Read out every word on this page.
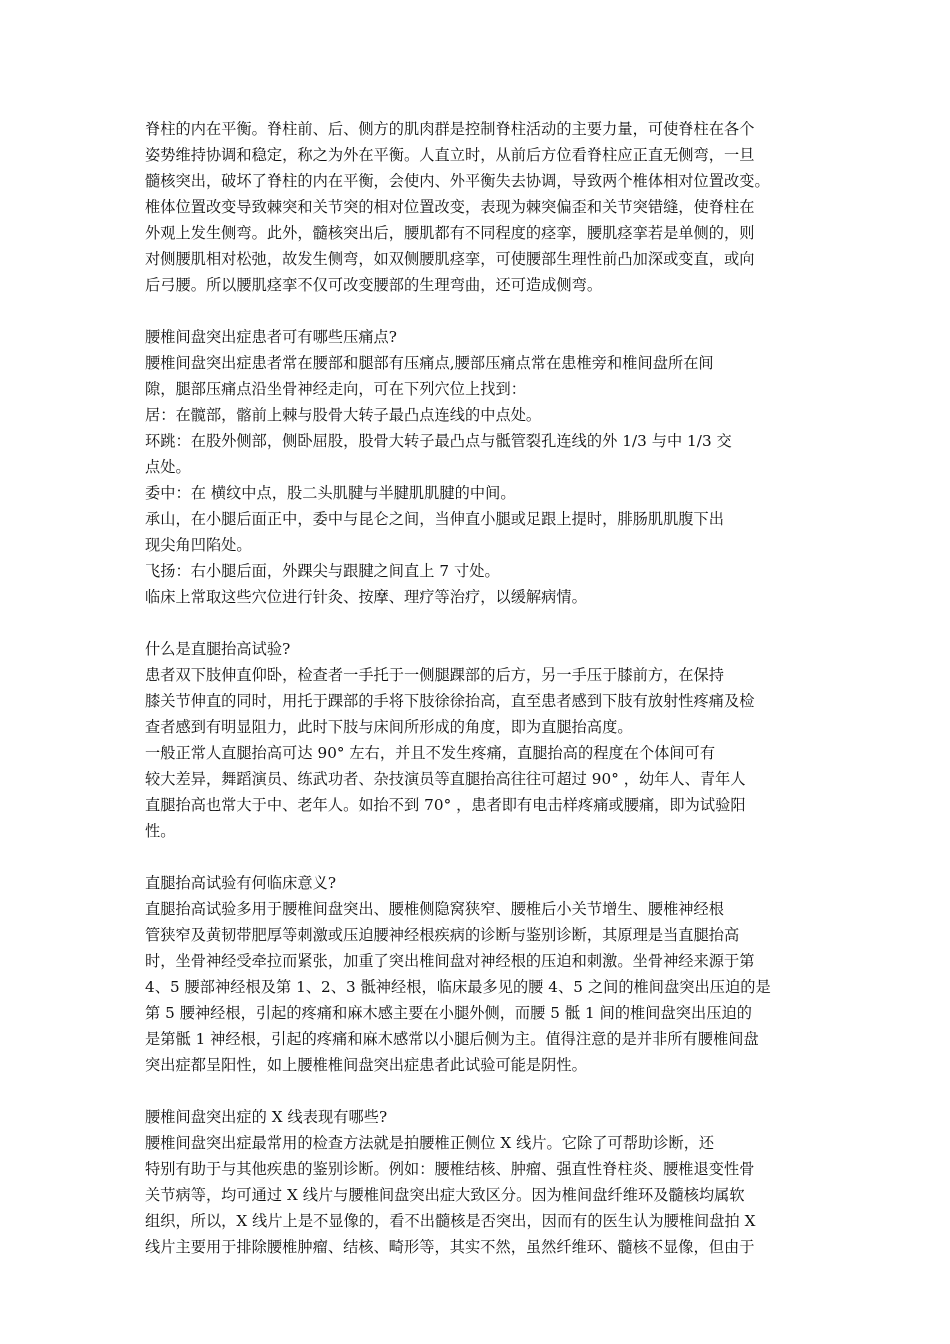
脊柱的内在平衡。脊柱前、后、侧方的肌肉群是控制脊柱活动的主要力量，可使脊柱在各个
姿势维持协调和稳定，称之为外在平衡。人直立时，从前后方位看脊柱应正直无侧弯，一旦
髓核突出，破坏了脊柱的内在平衡，会使内、外平衡失去协调，导致两个椎体相对位置改变。
椎体位置改变导致棘突和关节突的相对位置改变，表现为棘突偏歪和关节突错缝，使脊柱在
外观上发生侧弯。此外，髓核突出后，腰肌都有不同程度的痉挛，腰肌痉挛若是单侧的，则
对侧腰肌相对松弛，故发生侧弯，如双侧腰肌痉挛，可使腰部生理性前凸加深或变直，或向
后弓腰。所以腰肌痉挛不仅可改变腰部的生理弯曲，还可造成侧弯。
腰椎间盘突出症患者可有哪些压痛点?
腰椎间盘突出症患者常在腰部和腿部有压痛点,腰部压痛点常在患椎旁和椎间盘所在间
隙，腿部压痛点沿坐骨神经走向，可在下列穴位上找到：
居：在髋部，髂前上棘与股骨大转子最凸点连线的中点处。
环跳：在股外侧部，侧卧屈股，股骨大转子最凸点与骶管裂孔连线的外 1/3 与中 1/3 交
点处。
委中：在 横纹中点，股二头肌腱与半腱肌肌腱的中间。
承山，在小腿后面正中，委中与昆仑之间，当伸直小腿或足跟上提时，腓肠肌肌腹下出
现尖角凹陷处。
飞扬：右小腿后面，外踝尖与跟腱之间直上 7 寸处。
临床上常取这些穴位进行针灸、按摩、理疗等治疗，以缓解病情。
什么是直腿抬高试验?
患者双下肢伸直仰卧，检查者一手托于一侧腿踝部的后方，另一手压于膝前方，在保持
膝关节伸直的同时，用托于踝部的手将下肢徐徐抬高，直至患者感到下肢有放射性疼痛及检
查者感到有明显阻力，此时下肢与床间所形成的角度，即为直腿抬高度。
一般正常人直腿抬高可达 90° 左右，并且不发生疼痛，直腿抬高的程度在个体间可有
较大差异，舞蹈演员、练武功者、杂技演员等直腿抬高往往可超过 90° ，幼年人、青年人
直腿抬高也常大于中、老年人。如抬不到 70° ，患者即有电击样疼痛或腰痛，即为试验阳
性。
直腿抬高试验有何临床意义?
直腿抬高试验多用于腰椎间盘突出、腰椎侧隐窝狭窄、腰椎后小关节增生、腰椎神经根
管狭窄及黄韧带肥厚等刺激或压迫腰神经根疾病的诊断与鉴别诊断，其原理是当直腿抬高
时，坐骨神经受牵拉而紧张，加重了突出椎间盘对神经根的压迫和刺激。坐骨神经来源于第
4、5 腰部神经根及第 1、2、3 骶神经根，临床最多见的腰 4、5 之间的椎间盘突出压迫的是
第 5 腰神经根，引起的疼痛和麻木感主要在小腿外侧，而腰 5 骶 1 间的椎间盘突出压迫的
是第骶 1 神经根，引起的疼痛和麻木感常以小腿后侧为主。值得注意的是并非所有腰椎间盘
突出症都呈阳性，如上腰椎椎间盘突出症患者此试验可能是阴性。
腰椎间盘突出症的 X 线表现有哪些?
腰椎间盘突出症最常用的检查方法就是拍腰椎正侧位 X 线片。它除了可帮助诊断，还
特别有助于与其他疾患的鉴别诊断。例如：腰椎结核、肿瘤、强直性脊柱炎、腰椎退变性骨
关节病等，均可通过 X 线片与腰椎间盘突出症大致区分。因为椎间盘纤维环及髓核均属软
组织，所以，X 线片上是不显像的，看不出髓核是否突出，因而有的医生认为腰椎间盘拍 X
线片主要用于排除腰椎肿瘤、结核、畸形等，其实不然，虽然纤维环、髓核不显像，但由于
